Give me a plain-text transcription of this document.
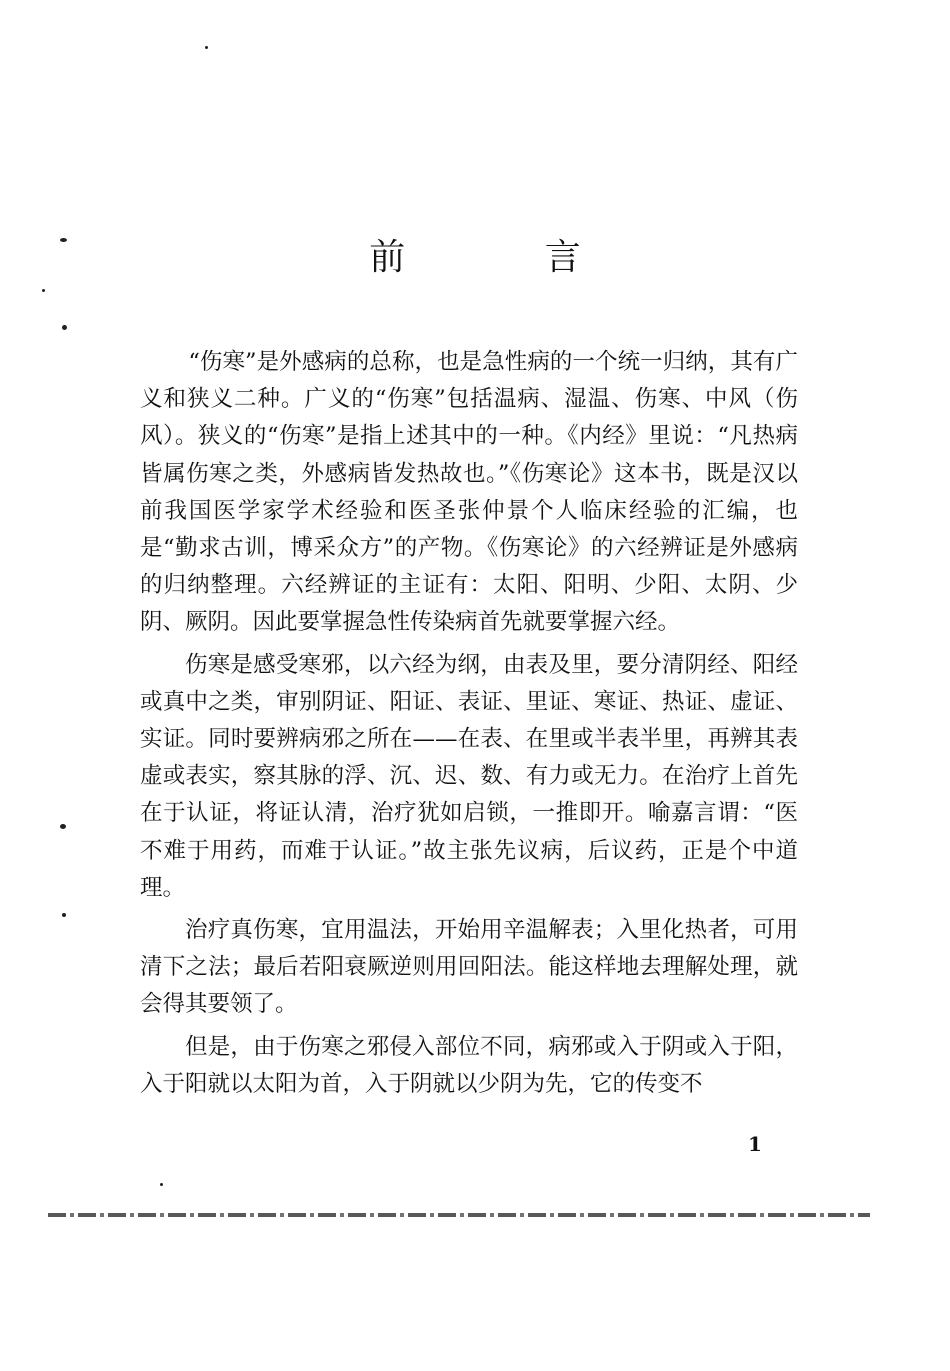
前 言

“伤寒”是外感病的总称，也是急性病的一个统一归纳，其有广义和狭义二种。广义的“伤寒”包括温病、湿温、伤寒、中风（伤风）。狭义的“伤寒”是指上述其中的一种。《内经》里说：“凡热病皆属伤寒之类，外感病皆发热故也。”《伤寒论》这本书，既是汉以前我国医学家学术经验和医圣张仲景个人临床经验的汇编，也是“勤求古训，博采众方”的产物。《伤寒论》的六经辨证是外感病的归纳整理。六经辨证的主证有：太阳、阳明、少阳、太阴、少阴、厥阴。因此要掌握急性传染病首先就要掌握六经。

伤寒是感受寒邪，以六经为纲，由表及里，要分清阴经、阳经或真中之类，审别阴证、阳证、表证、里证、寒证、热证、虚证、实证。同时要辨病邪之所在——在表、在里或半表半里，再辨其表虚或表实，察其脉的浮、沉、迟、数、有力或无力。在治疗上首先在于认证，将证认清，治疗犹如启锁，一推即开。喻嘉言谓：“医不难于用药，而难于认证。”故主张先议病，后议药，正是个中道理。

治疗真伤寒，宜用温法，开始用辛温解表；入里化热者，可用清下之法；最后若阳衰厥逆则用回阳法。能这样地去理解处理，就会得其要领了。

但是，由于伤寒之邪侵入部位不同，病邪或入于阴或入于阳，入于阳就以太阳为首，入于阴就以少阴为先，它的传变不

1
